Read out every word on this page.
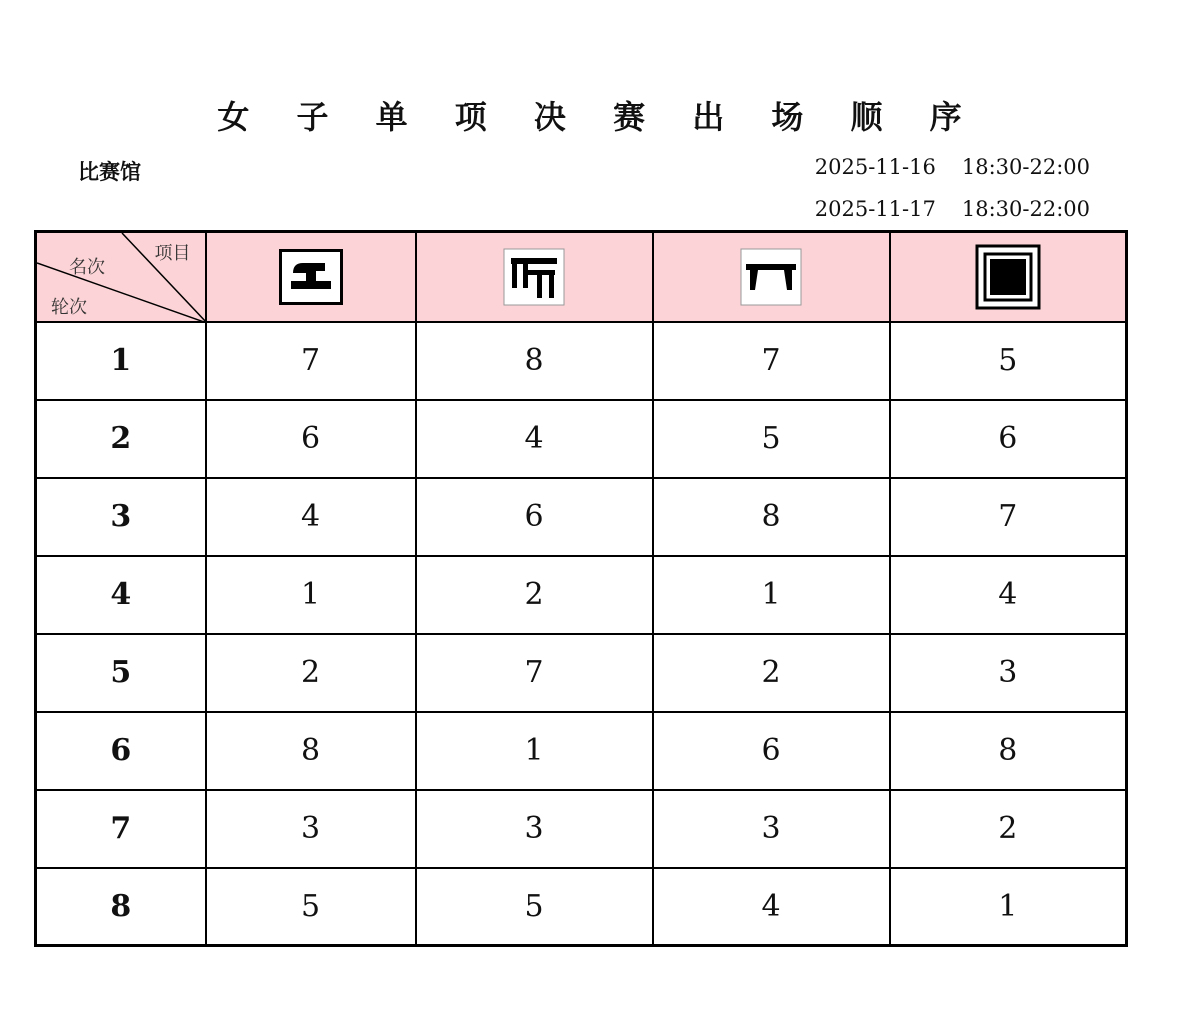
女 子 单 项 决 赛 出 场 顺 序
比赛馆	2025-11-16 18:30-22:00
2025-11-17 18:30-22:00
项目
名次
轮次

1	7	8	7	5
2	6	4	5	6
3	4	6	8	7
4	1	2	1	4
5	2	7	2	3
6	8	1	6	8
7	3	3	3	2
8	5	5	4	1
